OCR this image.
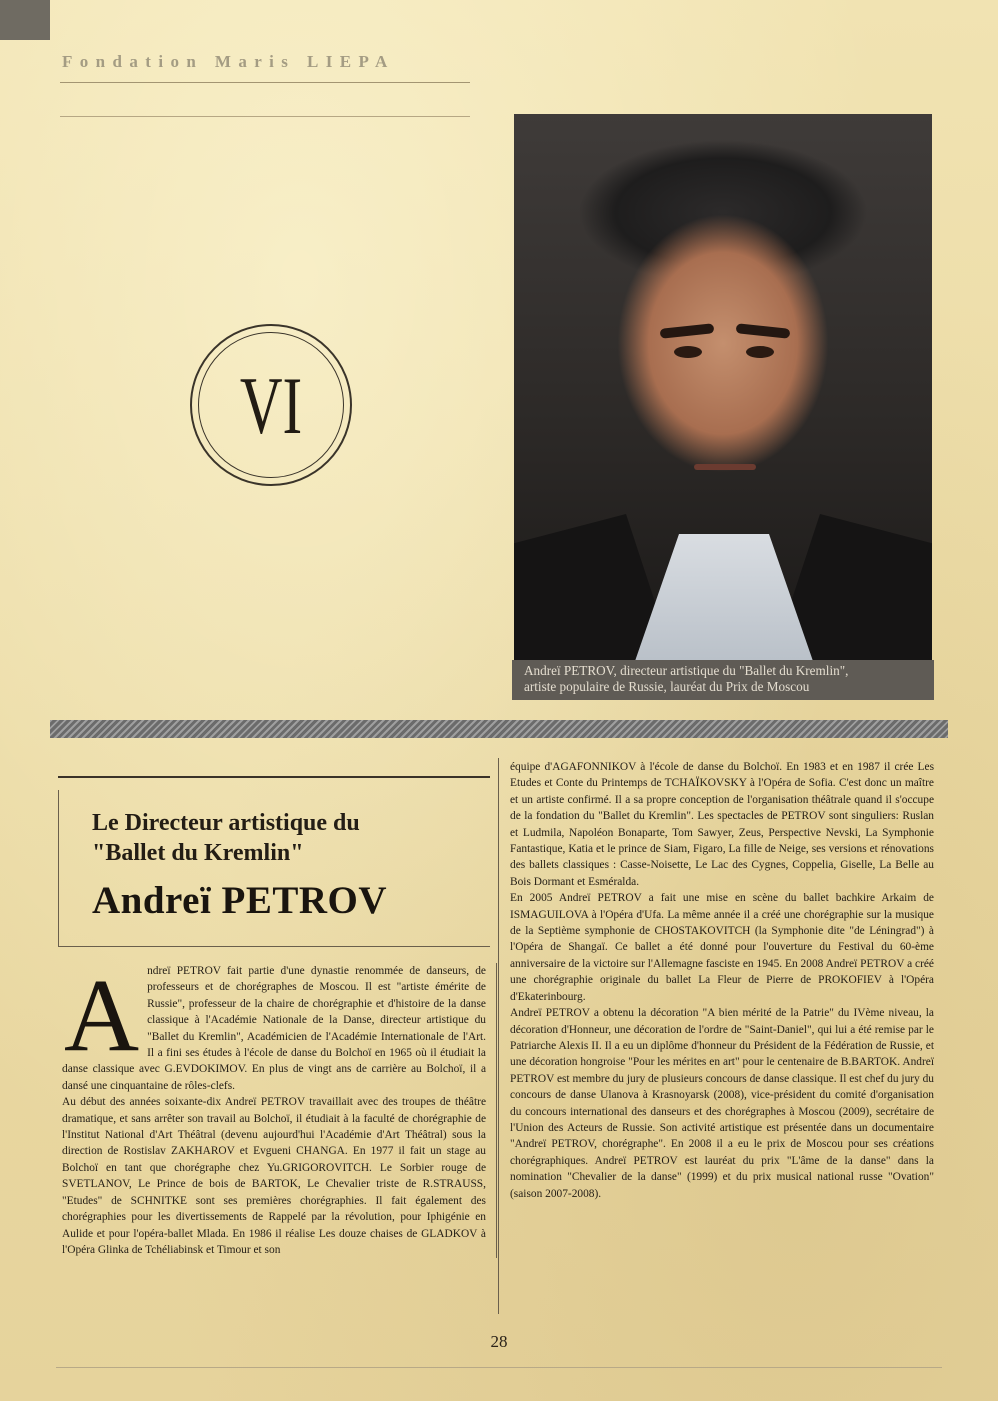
Fondation Maris LIEPA
VI
Andreï PETROV, directeur artistique du "Ballet du Kremlin",
artiste populaire de Russie, lauréat du Prix de Moscou
Le Directeur artistique du
"Ballet du Kremlin"
Andreï PETROV

Andreï PETROV fait partie d'une dynastie renommée de danseurs, de professeurs et de chorégraphes de Moscou. Il est "artiste émérite de Russie", professeur de la chaire de chorégraphie et d'histoire de la danse classique à l'Académie Nationale de la Danse, directeur artistique du "Ballet du Kremlin", Académicien de l'Académie Internationale de l'Art. Il a fini ses études à l'école de danse du Bolchoï en 1965 où il étudiait la danse classique avec G.EVDOKIMOV. En plus de vingt ans de carrière au Bolchoï, il a dansé une cinquantaine de rôles-clefs.

Au début des années soixante-dix Andreï PETROV travaillait avec des troupes de théâtre dramatique, et sans arrêter son travail au Bolchoï, il étudiait à la faculté de chorégraphie de l'Institut National d'Art Théâtral (devenu aujourd'hui l'Académie d'Art Théâtral) sous la direction de Rostislav ZAKHAROV et Evgueni CHANGA. En 1977 il fait un stage au Bolchoï en tant que chorégraphe chez Yu.GRIGOROVITCH. Le Sorbier rouge de SVETLANOV, Le Prince de bois de BARTOK, Le Chevalier triste de R.STRAUSS, "Etudes" de SCHNITKE sont ses premières chorégraphies. Il fait également des chorégraphies pour les divertissements de Rappelé par la révolution, pour Iphigénie en Aulide et pour l'opéra-ballet Mlada. En 1986 il réalise Les douze chaises de GLADKOV à l'Opéra Glinka de Tchéliabinsk et Timour et son

équipe d'AGAFONNIKOV à l'école de danse du Bolchoï. En 1983 et en 1987 il crée Les Etudes et Conte du Printemps de TCHAÏKOVSKY à l'Opéra de Sofia. C'est donc un maître et un artiste confirmé. Il a sa propre conception de l'organisation théâtrale quand il s'occupe de la fondation du "Ballet du Kremlin". Les spectacles de PETROV sont singuliers: Ruslan et Ludmila, Napoléon Bonaparte, Tom Sawyer, Zeus, Perspective Nevski, La Symphonie Fantastique, Katia et le prince de Siam, Figaro, La fille de Neige, ses versions et rénovations des ballets classiques : Casse-Noisette, Le Lac des Cygnes, Coppelia, Giselle, La Belle au Bois Dormant et Esméralda.

En 2005 Andreï PETROV a fait une mise en scène du ballet bachkire Arkaim de ISMAGUILOVA à l'Opéra d'Ufa. La même année il a créé une chorégraphie sur la musique de la Septième symphonie de CHOSTAKOVITCH (la Symphonie dite "de Léningrad") à l'Opéra de Shangaï. Ce ballet a été donné pour l'ouverture du Festival du 60-ème anniversaire de la victoire sur l'Allemagne fasciste en 1945. En 2008 Andreï PETROV a créé une chorégraphie originale du ballet La Fleur de Pierre de PROKOFIEV à l'Opéra d'Ekaterinbourg.

Andreï PETROV a obtenu la décoration "A bien mérité de la Patrie" du IVème niveau, la décoration d'Honneur, une décoration de l'ordre de "Saint-Daniel", qui lui a été remise par le Patriarche Alexis II. Il a eu un diplôme d'honneur du Président de la Fédération de Russie, et une décoration hongroise "Pour les mérites en art" pour le centenaire de B.BARTOK. Andreï PETROV est membre du jury de plusieurs concours de danse classique. Il est chef du jury du concours de danse Ulanova à Krasnoyarsk (2008), vice-président du comité d'organisation du concours international des danseurs et des chorégraphes à Moscou (2009), secrétaire de l'Union des Acteurs de Russie. Son activité artistique est présentée dans un documentaire "Andreï PETROV, chorégraphe". En 2008 il a eu le prix de Moscou pour ses créations chorégraphiques. Andreï PETROV est lauréat du prix "L'âme de la danse" dans la nomination "Chevalier de la danse" (1999) et du prix musical national russe "Ovation" (saison 2007-2008).

28
